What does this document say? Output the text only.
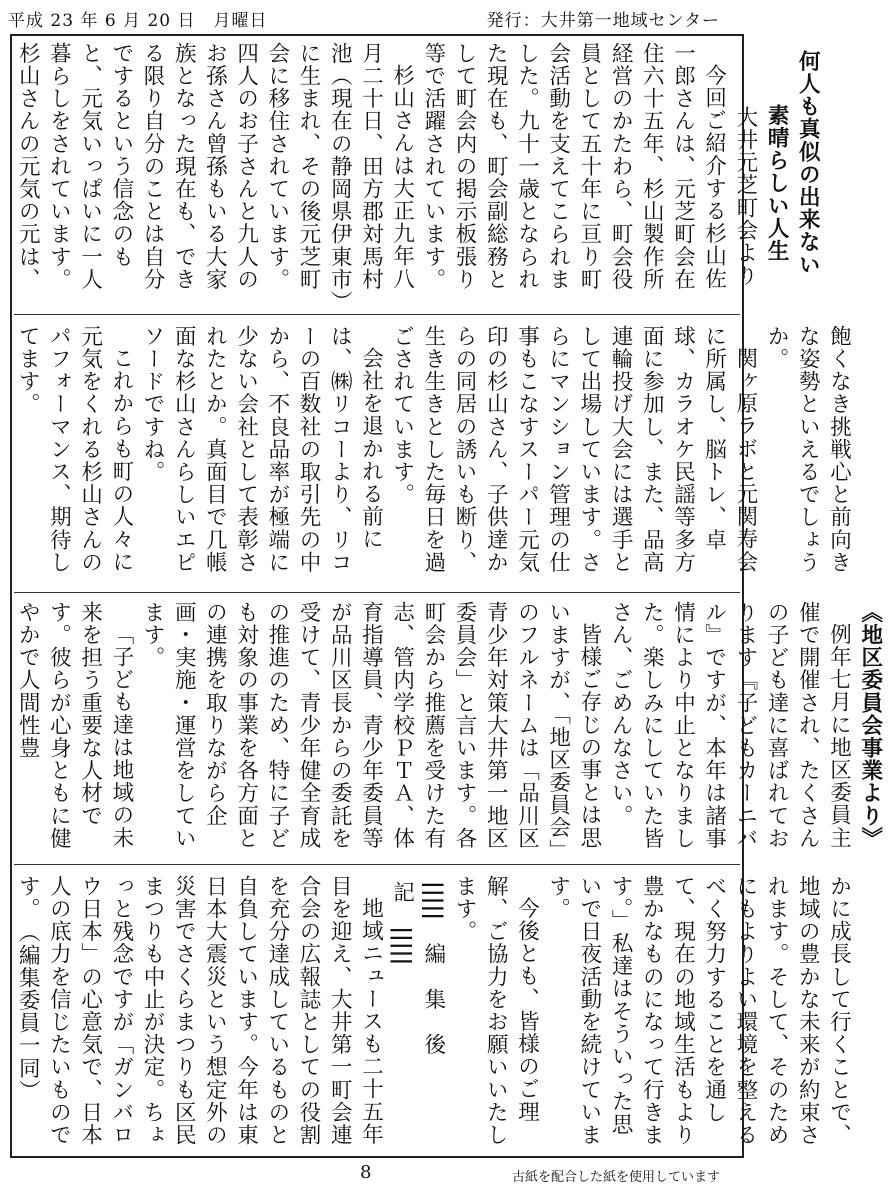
平成 23 年 6 月 20 日　月曜日	発行：大井第一地域センター

何人も真似の出来ない

素晴らしい人生

大井元芝町会より

今回ご紹介する杉山佐一郎さんは、元芝町会在住六十五年、杉山製作所経営のかたわら、町会役員として五十年に亘り町会活動を支えてこられました。九十一歳となられた現在も、町会副総務として町会内の掲示板張り等で活躍されています。

杉山さんは大正九年八月二十日、田方郡対馬村池（現在の静岡県伊東市）に生まれ、その後元芝町会に移住されています。四人のお子さんと九人のお孫さん曾孫もいる大家族となった現在も、できる限り自分のことは自分でするという信念のもと、元気いっぱいに一人暮らしをされています。杉山さんの元気の元は、

飽くなき挑戦心と前向きな姿勢といえるでしょうか。

関ヶ原ラボと元関寿会に所属し、脳トレ、卓球、カラオケ民謡等多方面に参加し、また、品高連輪投げ大会には選手として出場しています。さらにマンション管理の仕事もこなすスーパー元気印の杉山さん、子供達からの同居の誘いも断り、生き生きとした毎日を過ごされています。

会社を退かれる前には、㈱リコーより、リコーの百数社の取引先の中から、不良品率が極端に少ない会社として表彰されたとか。真面目で几帳面な杉山さんらしいエピソードですね。

これからも町の人々に元気をくれる杉山さんのパフォーマンス、期待してます。

《地区委員会事業より》

例年七月に地区委員主催で開催され、たくさんの子ども達に喜ばれております『子どもカーニバル』ですが、本年は諸事情により中止となりました。楽しみにしていた皆さん、ごめんなさい。

皆様ご存じの事とは思いますが、「地区委員会」のフルネームは「品川区青少年対策大井第一地区委員会」と言います。各町会から推薦を受けた有志、管内学校ＰＴＡ、体育指導員、青少年委員等が品川区長からの委託を受けて、青少年健全育成の推進のため、特に子ども対象の事業を各方面との連携を取りながら企画・実施・運営をしています。

「子ども達は地域の未来を担う重要な人材です。彼らが心身ともに健やかで人間性豊

かに成長して行くことで、地域の豊かな未来が約束されます。そして、そのためにもよりよい環境を整えるべく努力することを通して、現在の地域生活もより豊かなものになって行きます。」私達はそういった思いで日夜活動を続けています。

今後とも、皆様のご理解、ご協力をお願いいたします。

|||||　編　集　後　記　|||||

地域ニュースも二十五年目を迎え、大井第一町会連合会の広報誌としての役割を充分達成しているものと自負しています。今年は東日本大震災という想定外の災害でさくらまつりも区民まつりも中止が決定。ちょっと残念ですが「ガンバロウ日本」の心意気で、日本人の底力を信じたいものです。　（編集委員一同）

8	古紙を配合した紙を使用しています
